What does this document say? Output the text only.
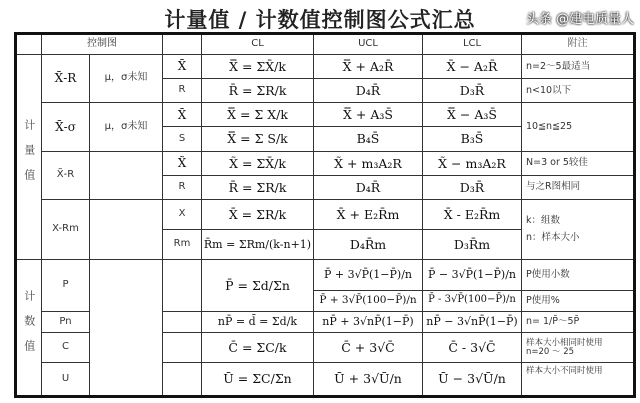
计量值 / 计数值控制图公式汇总
	控制图			CL	UCL	LCL	附注
计量值	X̄-R	μ，σ未知	X̄	X̿ = ΣX̄/k	X̿ + A₂R̄	X̄ − A₂R̄	n=2～5最适当
			R	R̄ = ΣR/k	D₄R̄	D₃R̄	n<10以下
	X̄-σ	μ，σ未知	X̄	X̿ = Σ X/k	X̿ + A₃S̄	X̿ − A₃S̄	10≦n≦25
			S	X̿ = Σ S/k	B₄S̄	B₃S̄	
	X̃-R		X̃	X̃ = ΣX̄/k	X̃ + m₃A₂R	X̃ − m₃A₂R	N=3 or 5较佳
			R	R̄ = ΣR/k	D₄R̄	D₃R̄	与之R图相同
	X-Rm		X	X̄ = ΣR/k	X̄ + E₂R̄m	X̄ - E₂R̄m	k：组数
n：样本大小
			Rm	R̄m = ΣRm/(k-n+1)	D₄R̄m	D₃R̄m	
计数值	P			P̄ = Σd/Σn	P̄ + 3√P̄(1−P̄)/n	P̄ − 3√P̄(1−P̄)/n	P使用小数
					P̄ + 3√P̄(100−P̄)/n	P̄ - 3√P̄(100−P̄)/n	P使用%
	Pn			nP̄ = d̄ = Σd/k	nP̄ + 3√nP̄(1−P̄)	nP̄ − 3√nP̄(1−P̄)	n= 1/P̄～5P̄
	C			C̄ = ΣC/k	C̄ + 3√C̄	C̄ - 3√C̄	样本大小相同时使用
n=20 ～ 25
	U			Ū = ΣC/Σn	Ū + 3√Ū/n	Ū − 3√Ū/n	样本大小不同时使用
头条 @建电质量人
